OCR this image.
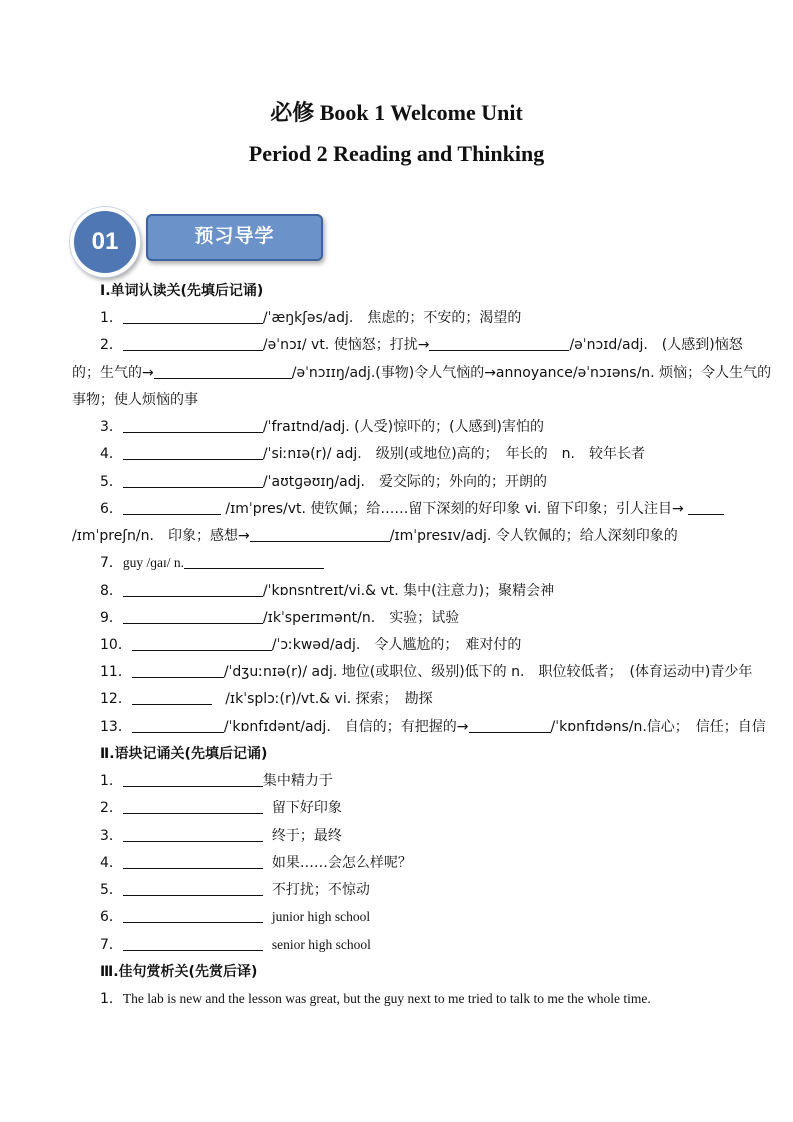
必修 Book 1 Welcome Unit
Period 2 Reading and Thinking
01	预习导学
Ⅰ.单词认读关(先填后记诵)
1．	/ˈæŋkʃəs/adj.　焦虑的；不安的；渴望的
2．	/əˈnɔɪ/ vt. 使恼怒；打扰→	/əˈnɔɪd/adj.　(人感到)恼怒
的；生气的→	/əˈnɔɪɪŋ/adj.(事物)令人气恼的→annoyance/əˈnɔɪəns/n. 烦恼；令人生气的
事物；使人烦恼的事
3．	/ˈfraɪtnd/adj. (人受)惊吓的；(人感到)害怕的
4．	/ˈsiːnɪə(r)/ adj.　级别(或地位)高的；　年长的　n.　较年长者
5．	/ˈaʊtɡəʊɪŋ/adj.　爱交际的；外向的；开朗的
6．	/ɪmˈpres/vt. 使钦佩；给……留下深刻的好印象 vi. 留下印象；引人注目→
/ɪmˈpreʃn/n.　印象；感想→	/ɪmˈpresɪv/adj. 令人钦佩的；给人深刻印象的
7．guy /ɡaɪ/ n.
8．	/ˈkɒnsntreɪt/vi.& vt. 集中(注意力)；聚精会神
9．	/ɪkˈsperɪmənt/n.　实验；试验
10．	/ˈɔːkwəd/adj.　令人尴尬的；　难对付的
11．	/ˈdʒuːnɪə(r)/ adj. 地位(或职位、级别)低下的 n.　职位较低者；　(体育运动中)青少年
12．	/ɪkˈsplɔː(r)/vt.& vi. 探索；　勘探
13．	/ˈkɒnfɪdənt/adj.　自信的；有把握的→	/ˈkɒnfɪdəns/n.信心；　信任；自信
Ⅱ.语块记诵关(先填后记诵)
1．	集中精力于
2．	留下好印象
3．	终于；最终
4．	如果……会怎么样呢？
5．	不打扰；不惊动
6．	junior high school
7．	senior high school
Ⅲ.佳句赏析关(先赏后译)
1．The lab is new and the lesson was great, but the guy next to me tried to talk to me the whole time.
